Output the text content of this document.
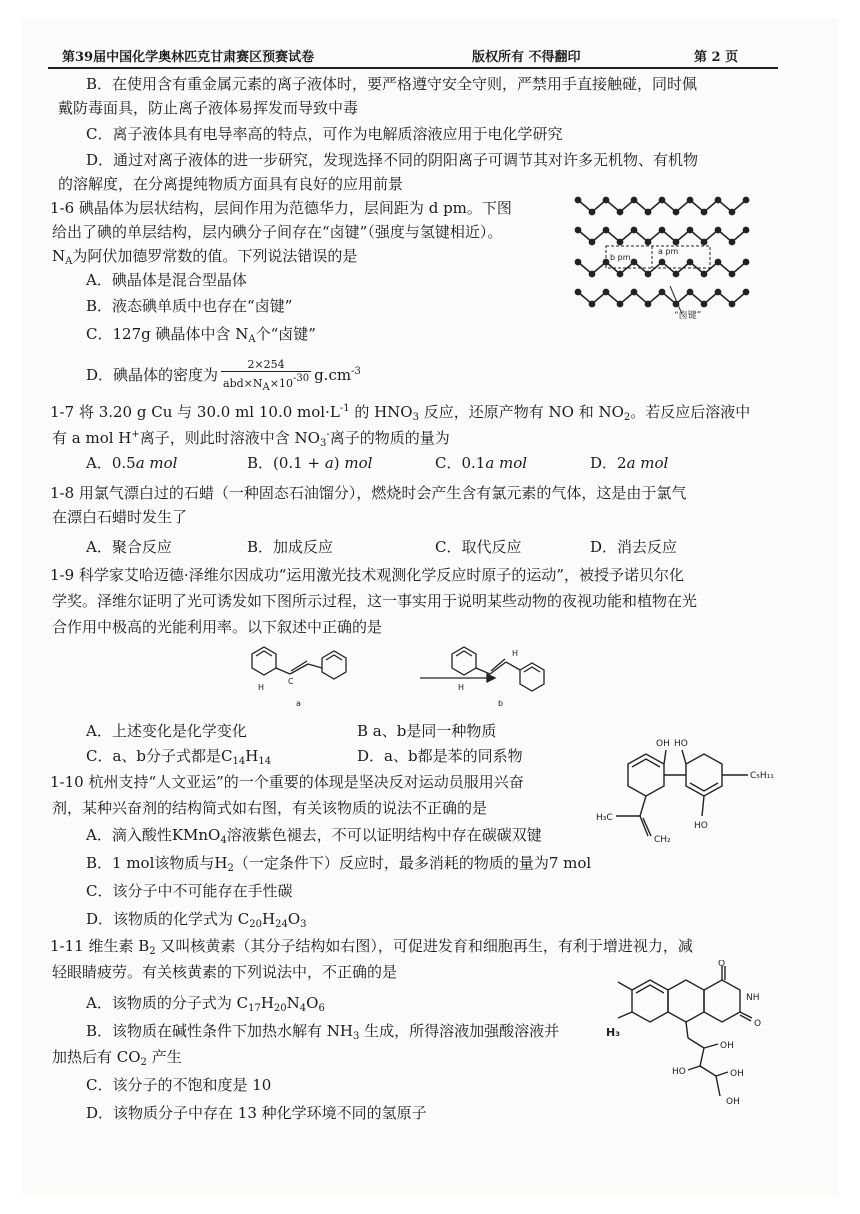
第39届中国化学奥林匹克甘肃赛区预赛试卷	版权所有 不得翻印	第 2 页
B．在使用含有重金属元素的离子液体时，要严格遵守安全守则，严禁用手直接触碰，同时佩
戴防毒面具，防止离子液体易挥发而导致中毒
C．离子液体具有电导率高的特点，可作为电解质溶液应用于电化学研究
D．通过对离子液体的进一步研究，发现选择不同的阴阳离子可调节其对许多无机物、有机物
的溶解度，在分离提纯物质方面具有良好的应用前景
1-6 碘晶体为层状结构，层间作用为范德华力，层间距为 d pm。下图
给出了碘的单层结构，层内碘分子间存在“卤键”（强度与氢键相近）。
$N_A$为阿伏加德罗常数的值。下列说法错误的是
A．碘晶体是混合型晶体
B．液态碘单质中也存在“卤键”
C．127g 碘晶体中含 $N_A$个“卤键”
D．碘晶体的密度为 $\frac{2\times 254}{\text{abd×NA×10-30}} g.cm^{-3}$
b pm
a pm
“卤键”
1-7 将 3.20 g Cu 与 30.0 ml 10.0 $mol\cdot L^{-1}$ 的 $HNO_3$ 反应，还原产物有 NO 和 $NO_2$。若反应后溶液中
有 a mol H+离子，则此时溶液中含 $NO_3^-$离子的物质的量为
A．0.5a mol	B．(0.1 + a) mol	C．0.1a mol	D．2a mol
1-8 用氯气漂白过的石蜡（一种固态石油馏分），燃烧时会产生含有氯元素的气体，这是由于氯气
在漂白石蜡时发生了
A．聚合反应	B．加成反应	C．取代反应	D．消去反应
1-9 科学家艾哈迈德·泽维尔因成功“运用激光技术观测化学反应时原子的运动”，被授予诺贝尔化
学奖。泽维尔证明了光可诱发如下图所示过程，这一事实用于说明某些动物的夜视功能和植物在光
合作用中极高的光能利用率。以下叙述中正确的是
H
C
a
H
H
b
A．上述变化是化学变化	B a、b是同一种物质
C．a、b分子式都是$C_{14}H_{14}$	D．a、b都是苯的同系物
1-10 杭州支持“人文亚运”的一个重要的体现是坚决反对运动员服用兴奋
剂，某种兴奋剂的结构简式如右图，有关该物质的说法不正确的是
OH HO
HO
C₅H₁₁
H₃C
CH₂
A．滴入酸性KMnO$_4$溶液紫色褪去，不可以证明结构中存在碳碳双键
B．1 mol该物质与$H_2$（一定条件下）反应时，最多消耗的物质的量为7 mol
C．该分子中不可能存在手性碳
D．该物质的化学式为 $C_{20}H_{24}O_3$
1-11 维生素 $B_2$ 又叫核黄素（其分子结构如右图），可促进发育和细胞再生，有利于增进视力，减
轻眼睛疲劳。有关核黄素的下列说法中，不正确的是
A．该物质的分子式为 $C_{17}H_{20}N_4O_6$
B．该物质在碱性条件下加热水解有 $NH_3$ 生成，所得溶液加强酸溶液并
加热后有 $CO_2$ 产生
C．该分子的不饱和度是 10
D．该物质分子中存在 13 种化学环境不同的氢原子
O
NH
O
OH
HO	OH
OH
H₃
